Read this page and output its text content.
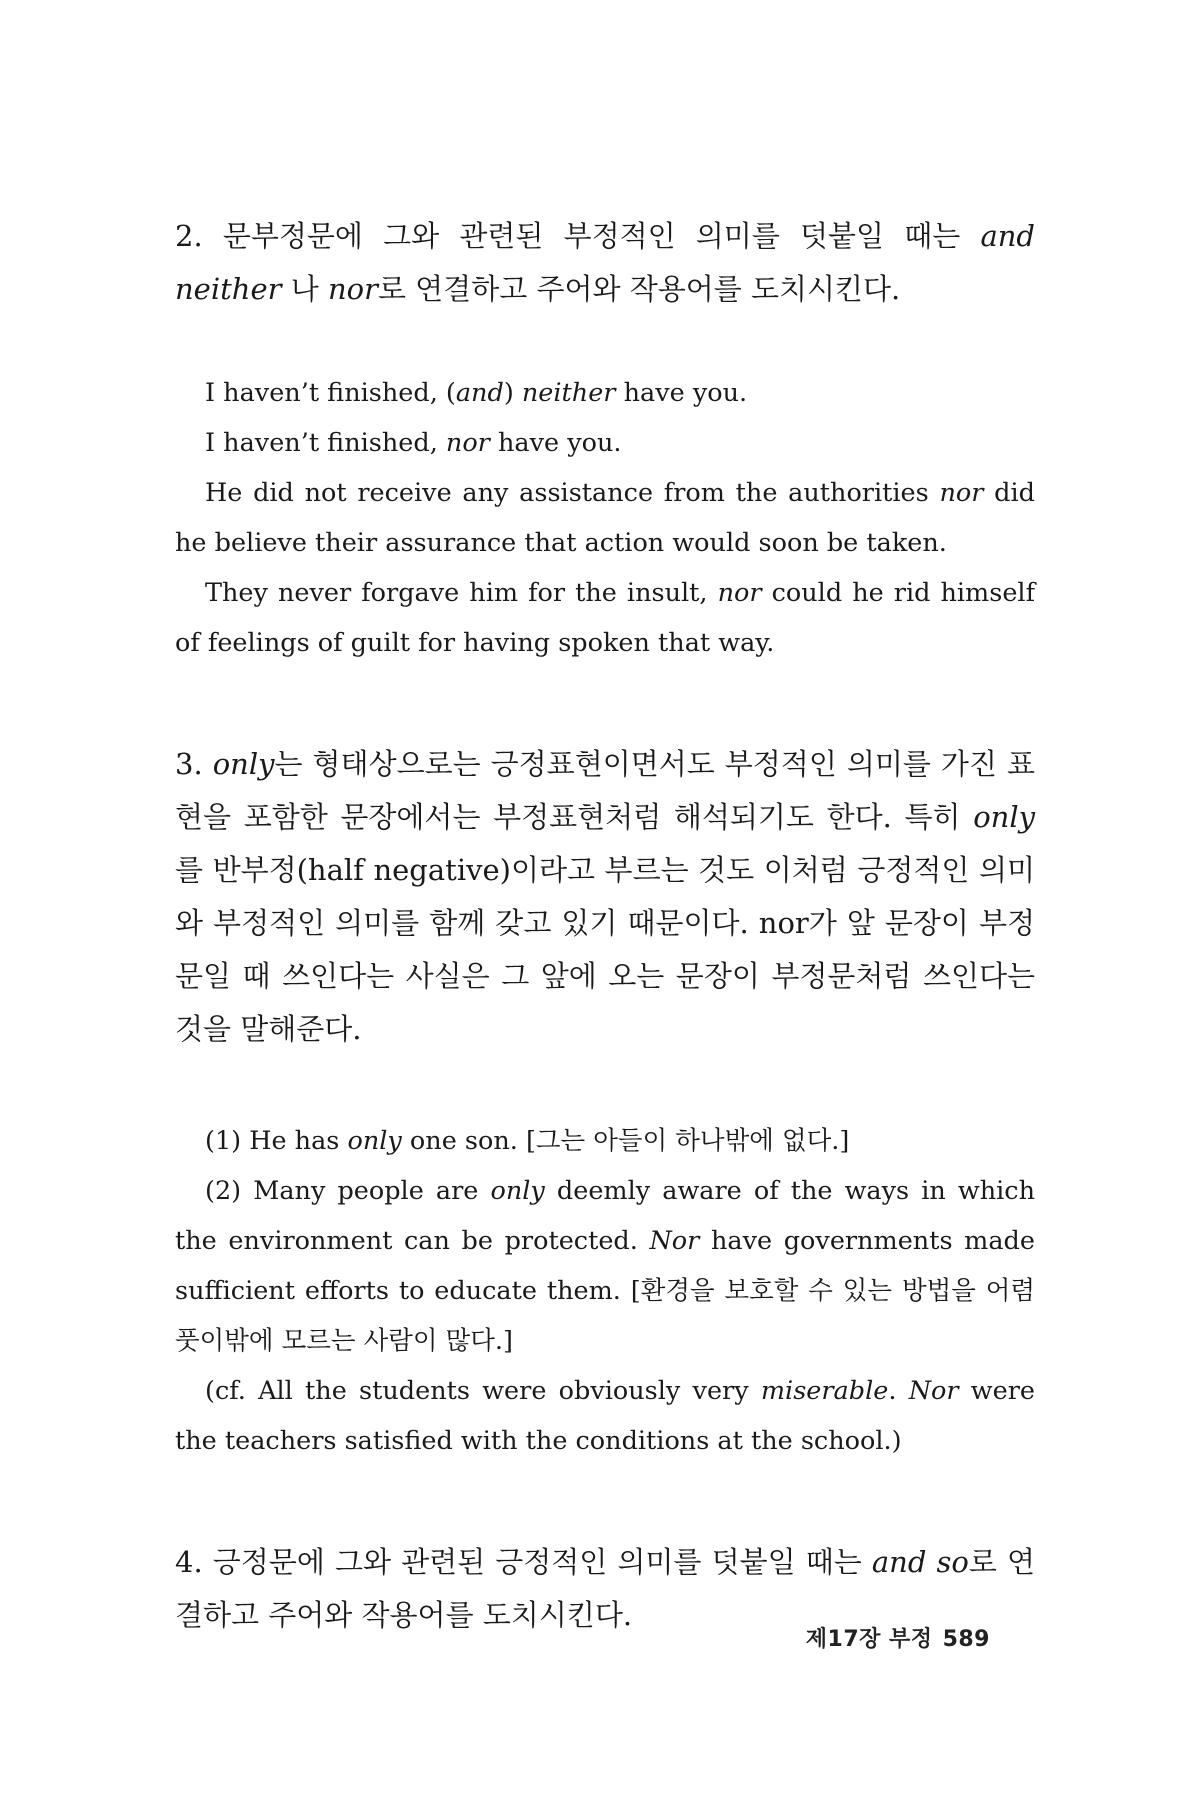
2. 문부정문에 그와 관련된 부정적인 의미를 덧붙일 때는 and neither 나 nor로 연결하고 주어와 작용어를 도치시킨다.

I haven’t finished, (and) neither have you.

I haven’t finished, nor have you.

He did not receive any assistance from the authorities nor did he believe their assurance that action would soon be taken.

They never forgave him for the insult, nor could he rid himself of feelings of guilt for having spoken that way.

3. only는 형태상으로는 긍정표현이면서도 부정적인 의미를 가진 표현을 포함한 문장에서는 부정표현처럼 해석되기도 한다. 특히 only를 반부정(half negative)이라고 부르는 것도 이처럼 긍정적인 의미와 부정적인 의미를 함께 갖고 있기 때문이다. nor가 앞 문장이 부정문일 때 쓰인다는 사실은 그 앞에 오는 문장이 부정문처럼 쓰인다는 것을 말해준다.

(1) He has only one son. [그는 아들이 하나밖에 없다.]

(2) Many people are only deemly aware of the ways in which the environment can be protected. Nor have governments made sufficient efforts to educate them. [환경을 보호할 수 있는 방법을 어렴풋이밖에 모르는 사람이 많다.]

(cf. All the students were obviously very miserable. Nor were the teachers satisfied with the conditions at the school.)

4. 긍정문에 그와 관련된 긍정적인 의미를 덧붙일 때는 and so로 연결하고 주어와 작용어를 도치시킨다.

제17장 부정 589
